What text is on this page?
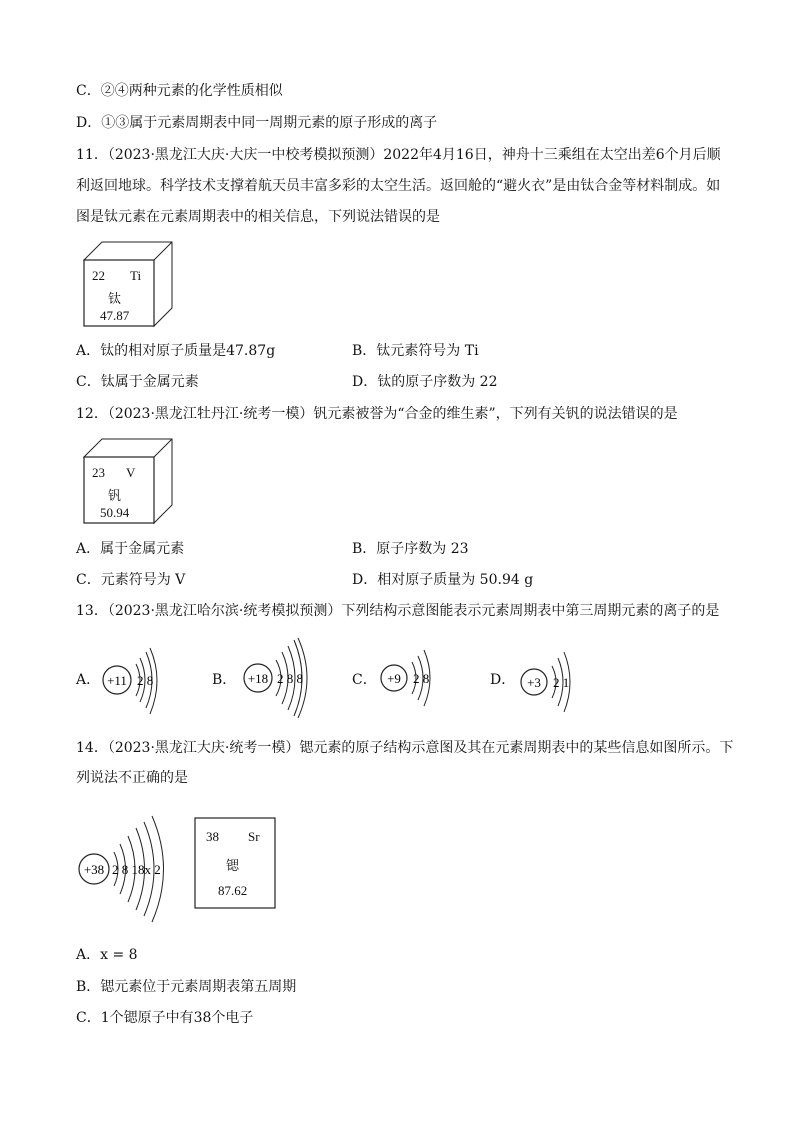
C．②④两种元素的化学性质相似
D．①③属于元素周期表中同一周期元素的原子形成的离子
11．（2023·黑龙江大庆·大庆一中校考模拟预测）2022年4月16日，神舟十三乘组在太空出差6个月后顺
利返回地球。科学技术支撑着航天员丰富多彩的太空生活。返回舱的“避火衣”是由钛合金等材料制成。如
图是钛元素在元素周期表中的相关信息，下列说法错误的是
22 Ti
钛
47.87
A．钛的相对原子质量是47.87g	B．钛元素符号为 Ti
C．钛属于金属元素	D．钛的原子序数为 22
12．（2023·黑龙江牡丹江·统考一模）钒元素被誉为“合金的维生素”，下列有关钒的说法错误的是
23 V
钒
50.94
A．属于金属元素	B．原子序数为 23
C．元素符号为 V	D．相对原子质量为 50.94 g
13．（2023·黑龙江哈尔滨·统考模拟预测）下列结构示意图能表示元素周期表中第三周期元素的离子的是
A． +11 2 8	B． +18 2 8 8	C． +9 2 8	D． +3 2 1
14．（2023·黑龙江大庆·统考一模）锶元素的原子结构示意图及其在元素周期表中的某些信息如图所示。下
列说法不正确的是
+38 2 8 18x 2
38 Sr
锶
87.62
A．x = 8
B．锶元素位于元素周期表第五周期
C．1个锶原子中有38个电子
